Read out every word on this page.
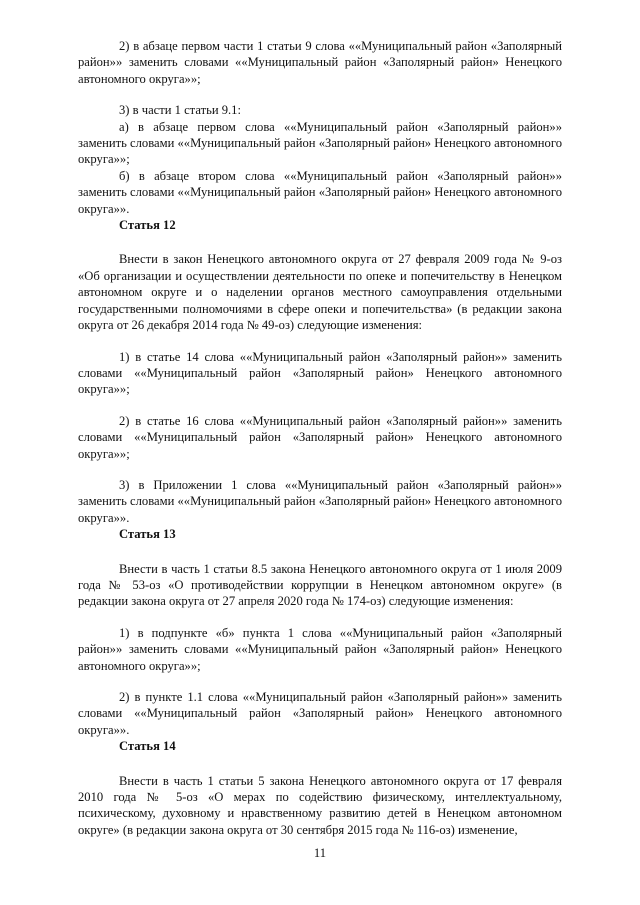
2) в абзаце первом части 1 статьи 9 слова ««Муниципальный район «Заполярный район»» заменить словами ««Муниципальный район «Заполярный район» Ненецкого автономного округа»»;

3) в части 1 статьи 9.1:

а) в абзаце первом слова ««Муниципальный район «Заполярный район»» заменить словами ««Муниципальный район «Заполярный район» Ненецкого автономного округа»»;

б) в абзаце втором слова ««Муниципальный район «Заполярный район»» заменить словами ««Муниципальный район «Заполярный район» Ненецкого автономного округа»».

Статья 12

Внести в закон Ненецкого автономного округа от 27 февраля 2009 года № 9-оз «Об организации и осуществлении деятельности по опеке и попечительству в Ненецком автономном округе и о наделении органов местного самоуправления отдельными государственными полномочиями в сфере опеки и попечительства» (в редакции закона округа от 26 декабря 2014 года № 49-оз) следующие изменения:

1) в статье 14 слова ««Муниципальный район «Заполярный район»» заменить словами ««Муниципальный район «Заполярный район» Ненецкого автономного округа»»;

2) в статье 16 слова ««Муниципальный район «Заполярный район»» заменить словами ««Муниципальный район «Заполярный район» Ненецкого автономного округа»»;

3) в Приложении 1 слова ««Муниципальный район «Заполярный район»» заменить словами ««Муниципальный район «Заполярный район» Ненецкого автономного округа»».

Статья 13

Внести в часть 1 статьи 8.5 закона Ненецкого автономного округа от 1 июля 2009 года № 53-оз «О противодействии коррупции в Ненецком автономном округе» (в редакции закона округа от 27 апреля 2020 года № 174-оз) следующие изменения:

1) в подпункте «б» пункта 1 слова ««Муниципальный район «Заполярный район»» заменить словами ««Муниципальный район «Заполярный район» Ненецкого автономного округа»»;

2) в пункте 1.1 слова ««Муниципальный район «Заполярный район»» заменить словами ««Муниципальный район «Заполярный район» Ненецкого автономного округа»».

Статья 14

Внести в часть 1 статьи 5 закона Ненецкого автономного округа от 17 февраля 2010 года № 5-оз «О мерах по содействию физическому, интеллектуальному, психическому, духовному и нравственному развитию детей в Ненецком автономном округе» (в редакции закона округа от 30 сентября 2015 года № 116-оз) изменение,

11
